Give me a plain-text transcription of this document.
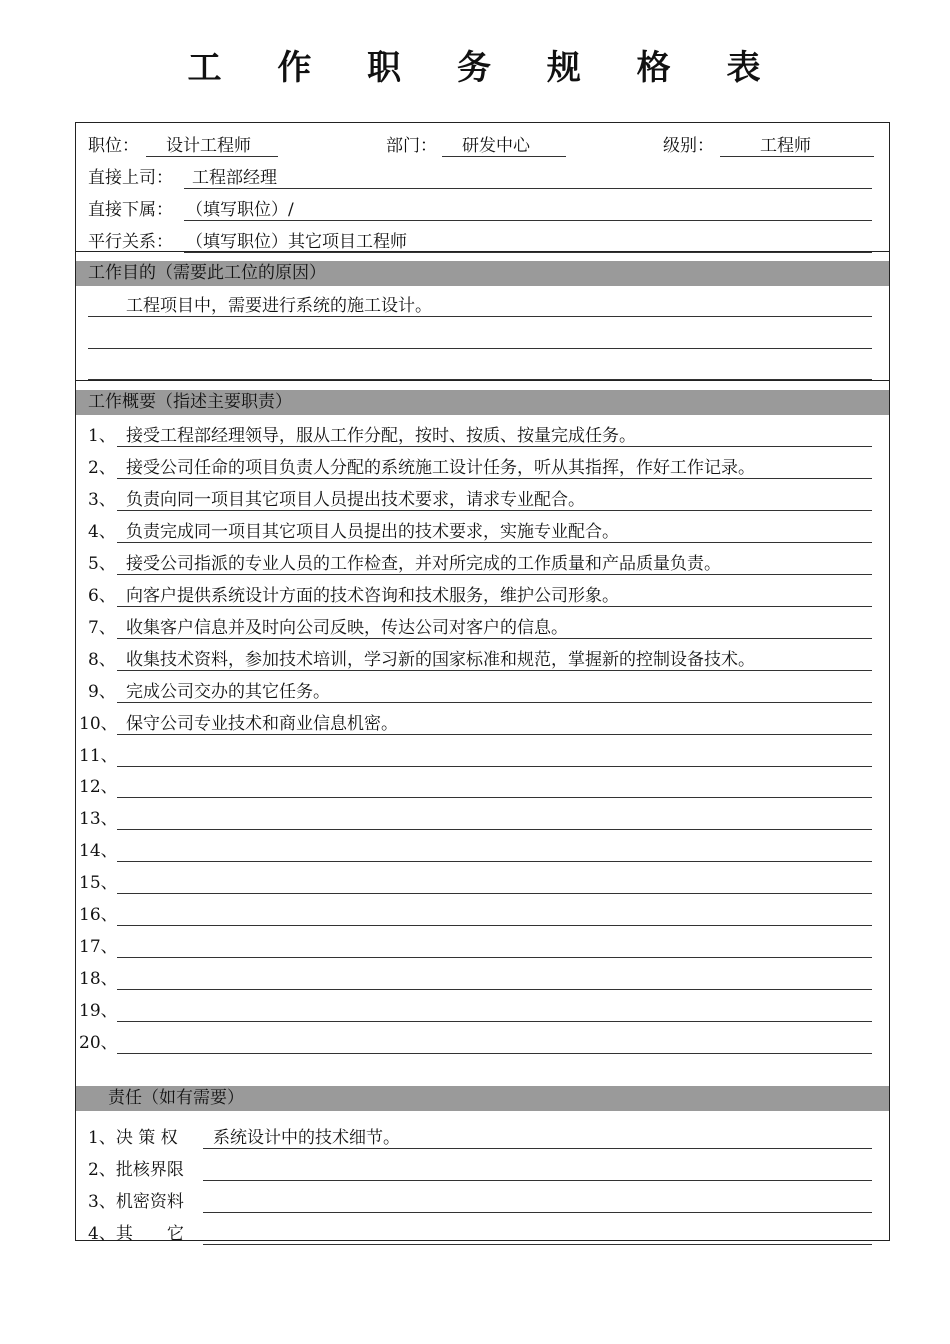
工 作 职 务 规 格 表
职位： 设计工程师	部门： 研发中心	级别：	工程师
直接上司： 工程部经理
直接下属： （填写职位）/
平行关系： （填写职位）其它项目工程师
工作目的（需要此工位的原因）
工程项目中，需要进行系统的施工设计。
工作概要（指述主要职责）
1、 接受工程部经理领导，服从工作分配，按时、按质、按量完成任务。
2、 接受公司任命的项目负责人分配的系统施工设计任务，听从其指挥，作好工作记录。
3、 负责向同一项目其它项目人员提出技术要求，请求专业配合。
4、 负责完成同一项目其它项目人员提出的技术要求，实施专业配合。
5、 接受公司指派的专业人员的工作检查，并对所完成的工作质量和产品质量负责。
6、 向客户提供系统设计方面的技术咨询和技术服务，维护公司形象。
7、 收集客户信息并及时向公司反映，传达公司对客户的信息。
8、 收集技术资料，参加技术培训，学习新的国家标准和规范，掌握新的控制设备技术。
9、 完成公司交办的其它任务。
10、 保守公司专业技术和商业信息机密。
11、
12、
13、
14、
15、
16、
17、
18、
19、
20、
责任（如有需要）
1、决 策 权 系统设计中的技术细节。
2、批核界限
3、机密资料
4、其　　它
